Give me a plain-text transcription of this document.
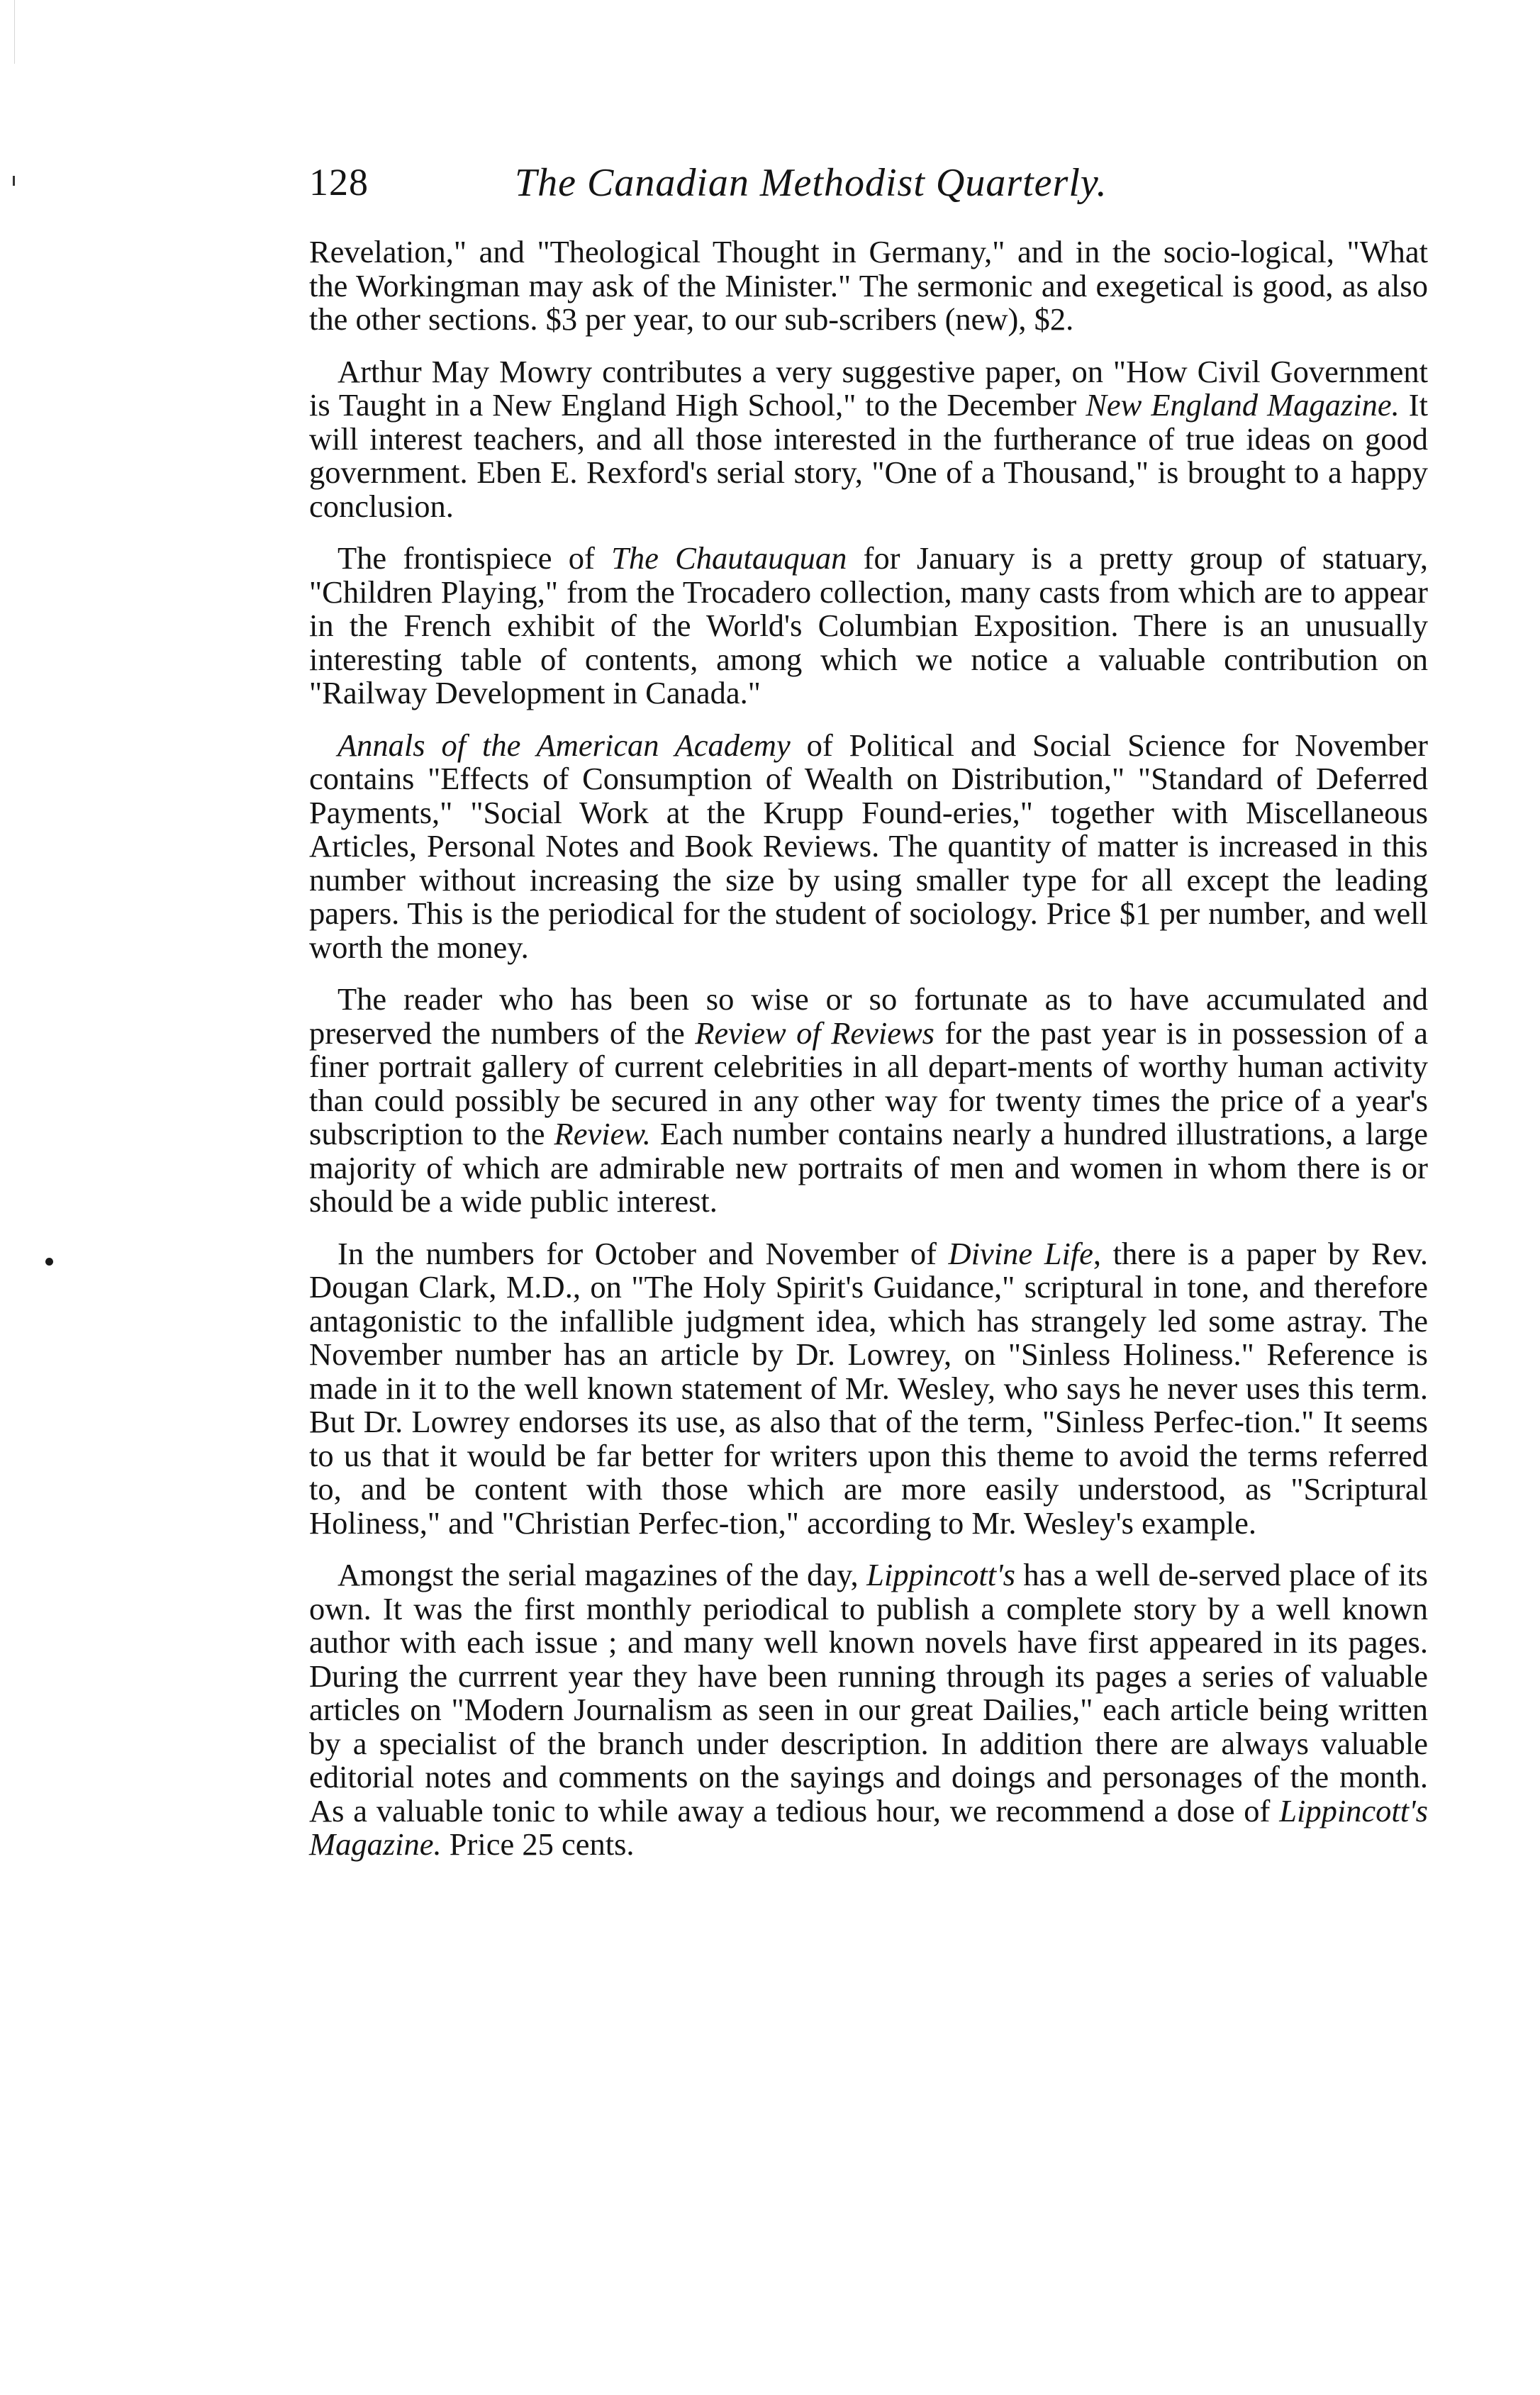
128	The Canadian Methodist Quarterly.

Revelation," and "Theological Thought in Germany," and in the socio-logical, "What the Workingman may ask of the Minister." The sermonic and exegetical is good, as also the other sections. $3 per year, to our sub-scribers (new), $2.

Arthur May Mowry contributes a very suggestive paper, on "How Civil Government is Taught in a New England High School," to the December New England Magazine. It will interest teachers, and all those interested in the furtherance of true ideas on good government. Eben E. Rexford's serial story, "One of a Thousand," is brought to a happy conclusion.

The frontispiece of The Chautauquan for January is a pretty group of statuary, "Children Playing," from the Trocadero collection, many casts from which are to appear in the French exhibit of the World's Columbian Exposition. There is an unusually interesting table of contents, among which we notice a valuable contribution on "Railway Development in Canada."

Annals of the American Academy of Political and Social Science for November contains "Effects of Consumption of Wealth on Distribution," "Standard of Deferred Payments," "Social Work at the Krupp Found-eries," together with Miscellaneous Articles, Personal Notes and Book Reviews. The quantity of matter is increased in this number without increasing the size by using smaller type for all except the leading papers. This is the periodical for the student of sociology. Price $1 per number, and well worth the money.

The reader who has been so wise or so fortunate as to have accumulated and preserved the numbers of the Review of Reviews for the past year is in possession of a finer portrait gallery of current celebrities in all depart-ments of worthy human activity than could possibly be secured in any other way for twenty times the price of a year's subscription to the Review. Each number contains nearly a hundred illustrations, a large majority of which are admirable new portraits of men and women in whom there is or should be a wide public interest.

In the numbers for October and November of Divine Life, there is a paper by Rev. Dougan Clark, M.D., on "The Holy Spirit's Guidance," scriptural in tone, and therefore antagonistic to the infallible judgment idea, which has strangely led some astray. The November number has an article by Dr. Lowrey, on "Sinless Holiness." Reference is made in it to the well known statement of Mr. Wesley, who says he never uses this term. But Dr. Lowrey endorses its use, as also that of the term, "Sinless Perfec-tion." It seems to us that it would be far better for writers upon this theme to avoid the terms referred to, and be content with those which are more easily understood, as "Scriptural Holiness," and "Christian Perfec-tion," according to Mr. Wesley's example.

Amongst the serial magazines of the day, Lippincott's has a well de-served place of its own. It was the first monthly periodical to publish a complete story by a well known author with each issue ; and many well known novels have first appeared in its pages. During the currrent year they have been running through its pages a series of valuable articles on "Modern Journalism as seen in our great Dailies," each article being written by a specialist of the branch under description. In addition there are always valuable editorial notes and comments on the sayings and doings and personages of the month. As a valuable tonic to while away a tedious hour, we recommend a dose of Lippincott's Magazine. Price 25 cents.
